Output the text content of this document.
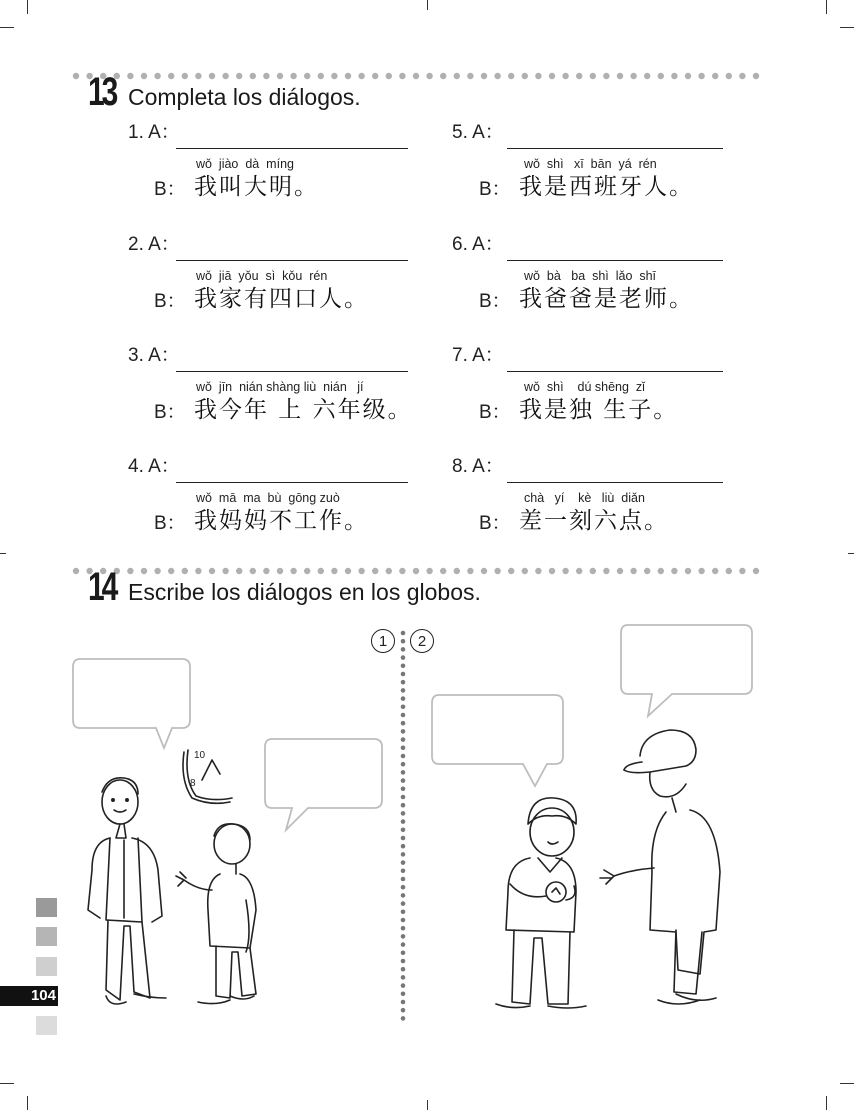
13 Completa los diálogos.
1. A：
wǒ  jiào  dà  míng
B： 我叫大明。
2. A：
wǒ  jiā  yǒu  sì  kǒu  rén
B： 我家有四口人。
3. A：
wǒ  jīn  nián shàng liù  nián   jí
B： 我今年 上 六年级。
4. A：
wǒ  mā  ma  bù  gōng zuò
B： 我妈妈不工作。
5. A：
wǒ  shì   xī  bān  yá  rén
B： 我是西班牙人。
6. A：
wǒ  bà   ba  shì  lǎo  shī
B： 我爸爸是老师。
7. A：
wǒ  shì    dú shēng  zǐ
B： 我是独 生子。
8. A：
chà   yí    kè   liù  diǎn
B： 差一刻六点。
14 Escribe los diálogos en los globos.
1	2
10
8
104
